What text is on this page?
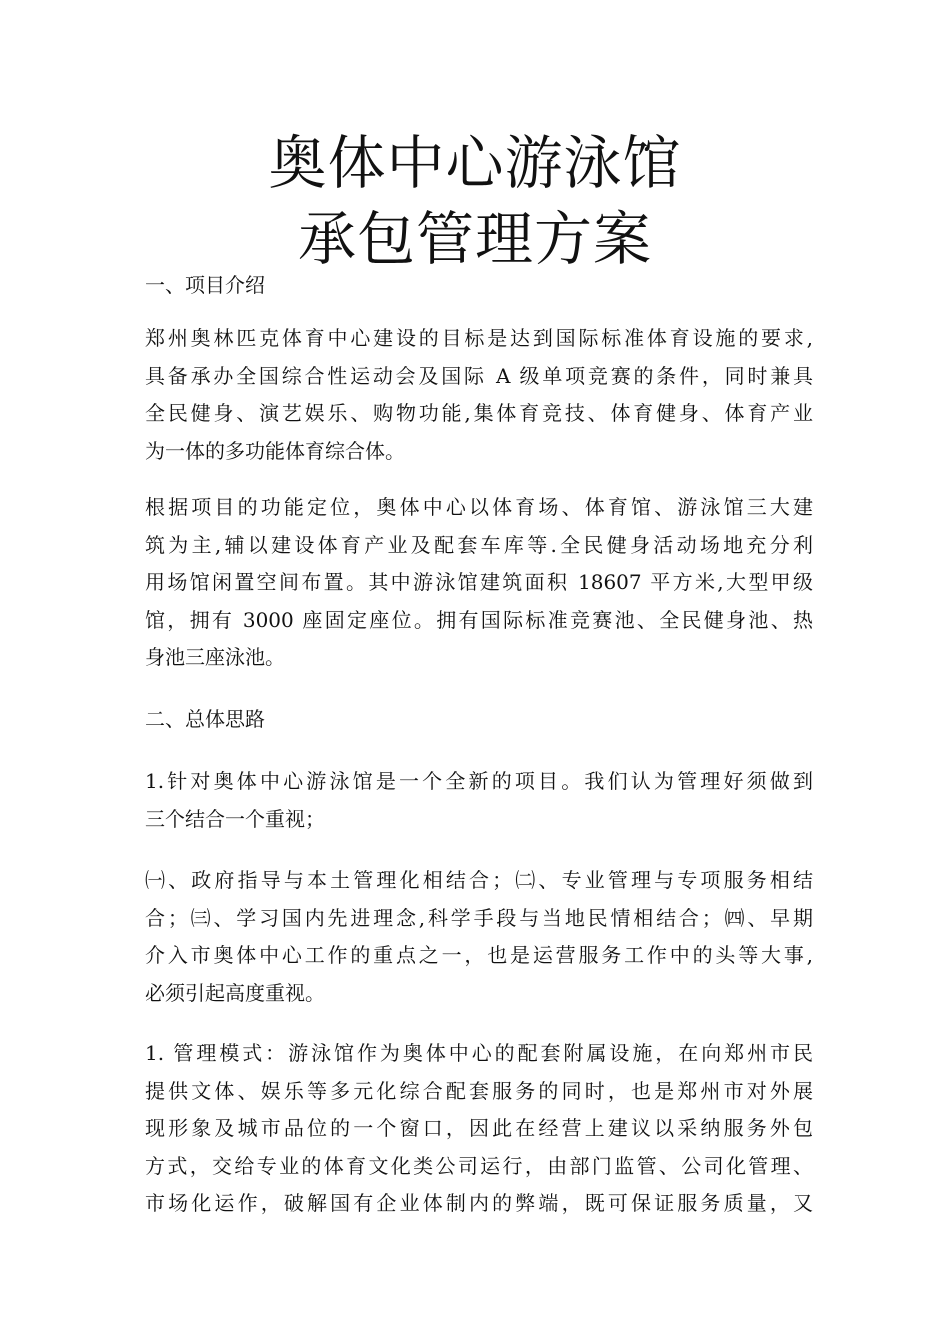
奥体中心游泳馆
承包管理方案

一、项目介绍

郑州奥林匹克体育中心建设的目标是达到国际标准体育设施的要求,
具备承办全国综合性运动会及国际 A 级单项竞赛的条件，同时兼具
全民健身、演艺娱乐、购物功能,集体育竞技、体育健身、体育产业
为一体的多功能体育综合体。

根据项目的功能定位，奥体中心以体育场、体育馆、游泳馆三大建
筑为主,辅以建设体育产业及配套车库等.全民健身活动场地充分利
用场馆闲置空间布置。其中游泳馆建筑面积 18607 平方米,大型甲级
馆，拥有 3000 座固定座位。拥有国际标准竞赛池、全民健身池、热
身池三座泳池。

二、总体思路

1.针对奥体中心游泳馆是一个全新的项目。我们认为管理好须做到
三个结合一个重视；

㈠、政府指导与本土管理化相结合；㈡、专业管理与专项服务相结
合；㈢、学习国内先进理念,科学手段与当地民情相结合；㈣、早期
介入市奥体中心工作的重点之一，也是运营服务工作中的头等大事,
必须引起高度重视。

1. 管理模式：游泳馆作为奥体中心的配套附属设施，在向郑州市民
提供文体、娱乐等多元化综合配套服务的同时，也是郑州市对外展
现形象及城市品位的一个窗口，因此在经营上建议以采纳服务外包
方式，交给专业的体育文化类公司运行，由部门监管、公司化管理、
市场化运作，破解国有企业体制内的弊端，既可保证服务质量，又
